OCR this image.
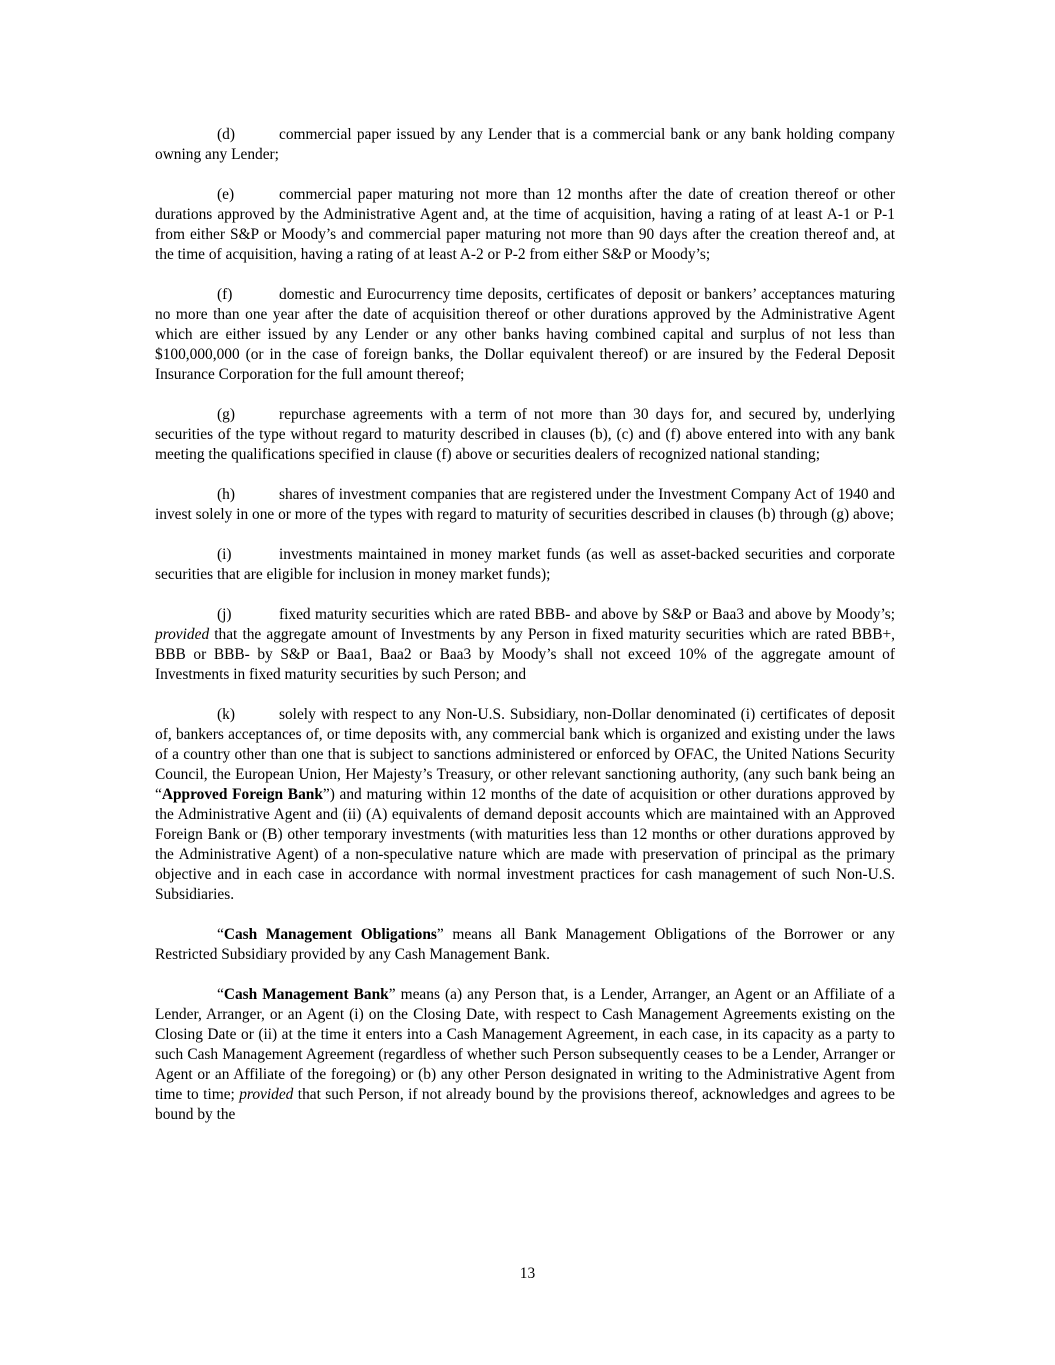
(d)	commercial paper issued by any Lender that is a commercial bank or any bank holding company owning any Lender;

(e)	commercial paper maturing not more than 12 months after the date of creation thereof or other durations approved by the Administrative Agent and, at the time of acquisition, having a rating of at least A-1 or P-1 from either S&P or Moody’s and commercial paper maturing not more than 90 days after the creation thereof and, at the time of acquisition, having a rating of at least A-2 or P-2 from either S&P or Moody’s;

(f)	domestic and Eurocurrency time deposits, certificates of deposit or bankers’ acceptances maturing no more than one year after the date of acquisition thereof or other durations approved by the Administrative Agent which are either issued by any Lender or any other banks having combined capital and surplus of not less than $100,000,000 (or in the case of foreign banks, the Dollar equivalent thereof) or are insured by the Federal Deposit Insurance Corporation for the full amount thereof;

(g)	repurchase agreements with a term of not more than 30 days for, and secured by, underlying securities of the type without regard to maturity described in clauses (b), (c) and (f) above entered into with any bank meeting the qualifications specified in clause (f) above or securities dealers of recognized national standing;

(h)	shares of investment companies that are registered under the Investment Company Act of 1940 and invest solely in one or more of the types with regard to maturity of securities described in clauses (b) through (g) above;

(i)	investments maintained in money market funds (as well as asset-backed securities and corporate securities that are eligible for inclusion in money market funds);

(j)	fixed maturity securities which are rated BBB- and above by S&P or Baa3 and above by Moody’s; provided that the aggregate amount of Investments by any Person in fixed maturity securities which are rated BBB+, BBB or BBB- by S&P or Baa1, Baa2 or Baa3 by Moody’s shall not exceed 10% of the aggregate amount of Investments in fixed maturity securities by such Person; and

(k)	solely with respect to any Non-U.S. Subsidiary, non-Dollar denominated (i) certificates of deposit of, bankers acceptances of, or time deposits with, any commercial bank which is organized and existing under the laws of a country other than one that is subject to sanctions administered or enforced by OFAC, the United Nations Security Council, the European Union, Her Majesty’s Treasury, or other relevant sanctioning authority, (any such bank being an “Approved Foreign Bank”) and maturing within 12 months of the date of acquisition or other durations approved by the Administrative Agent and (ii) (A) equivalents of demand deposit accounts which are maintained with an Approved Foreign Bank or (B) other temporary investments (with maturities less than 12 months or other durations approved by the Administrative Agent) of a non-speculative nature which are made with preservation of principal as the primary objective and in each case in accordance with normal investment practices for cash management of such Non-U.S. Subsidiaries.

“Cash Management Obligations” means all Bank Management Obligations of the Borrower or any Restricted Subsidiary provided by any Cash Management Bank.

“Cash Management Bank” means (a) any Person that, is a Lender, Arranger, an Agent or an Affiliate of a Lender, Arranger, or an Agent (i) on the Closing Date, with respect to Cash Management Agreements existing on the Closing Date or (ii) at the time it enters into a Cash Management Agreement, in each case, in its capacity as a party to such Cash Management Agreement (regardless of whether such Person subsequently ceases to be a Lender, Arranger or Agent or an Affiliate of the foregoing) or (b) any other Person designated in writing to the Administrative Agent from time to time; provided that such Person, if not already bound by the provisions thereof, acknowledges and agrees to be bound by the

13
